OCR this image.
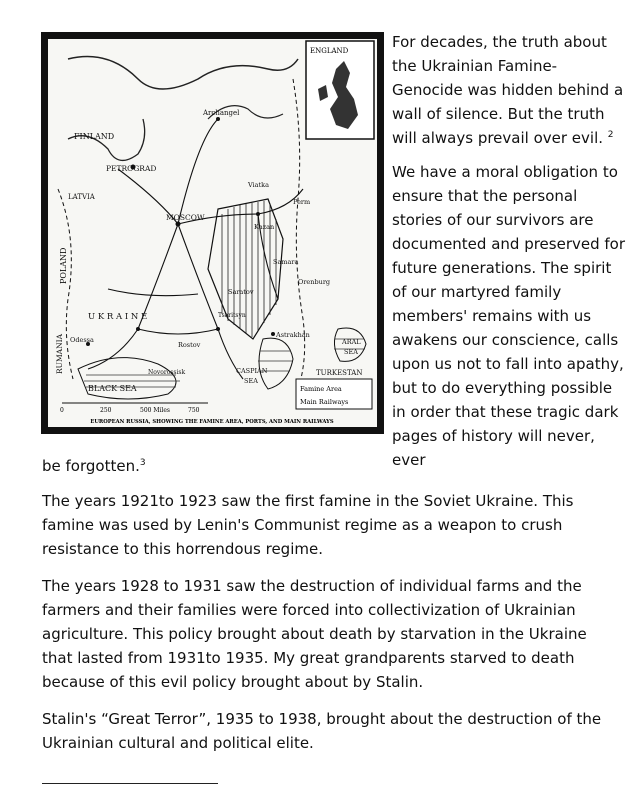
ENGLAND
FINLAND
Archangel
PETROGRAD
LATVIA
MOSCOW
Viatka
Perm
Kazan
Samara
Orenburg
Saratov
POLAND
U K R A I N E
RUMANIA Odessa
Rostov
Novorossisk
Astrakhan
Tsaritsyn
BLACK SEA
CASPIAN
SEA
ARAL
SEA
TURKESTAN
Famine Area
Main Railways
0	250	500 Miles	750
EUROPEAN RUSSIA, SHOWING THE FAMINE AREA, PORTS, AND MAIN RAILWAYS

For decades, the truth about the Ukrainian Famine-Genocide was hidden behind a wall of silence. But the truth will always prevail over evil. $^2$

We have a moral obligation to ensure that the personal stories of our survivors are documented and preserved for future generations. The spirit of our martyred family members' remains with us awakens our conscience, calls upon us not to fall into apathy, but to do everything possible in order that these tragic dark pages of history will never, ever

be forgotten.$^3$

The years 1921to 1923 saw the first famine in the Soviet Ukraine. This famine was used by Lenin's Communist regime as a weapon to crush resistance to this horrendous regime.

The years 1928 to 1931 saw the destruction of individual farms and the farmers and their families were forced into collectivization of Ukrainian agriculture. This policy brought about death by starvation in the Ukraine that lasted from 1931to 1935. My great grandparents starved to death because of this evil policy brought about by Stalin.

Stalin's “Great Terror”, 1935 to 1938, brought about the destruction of the Ukrainian cultural and political elite.
